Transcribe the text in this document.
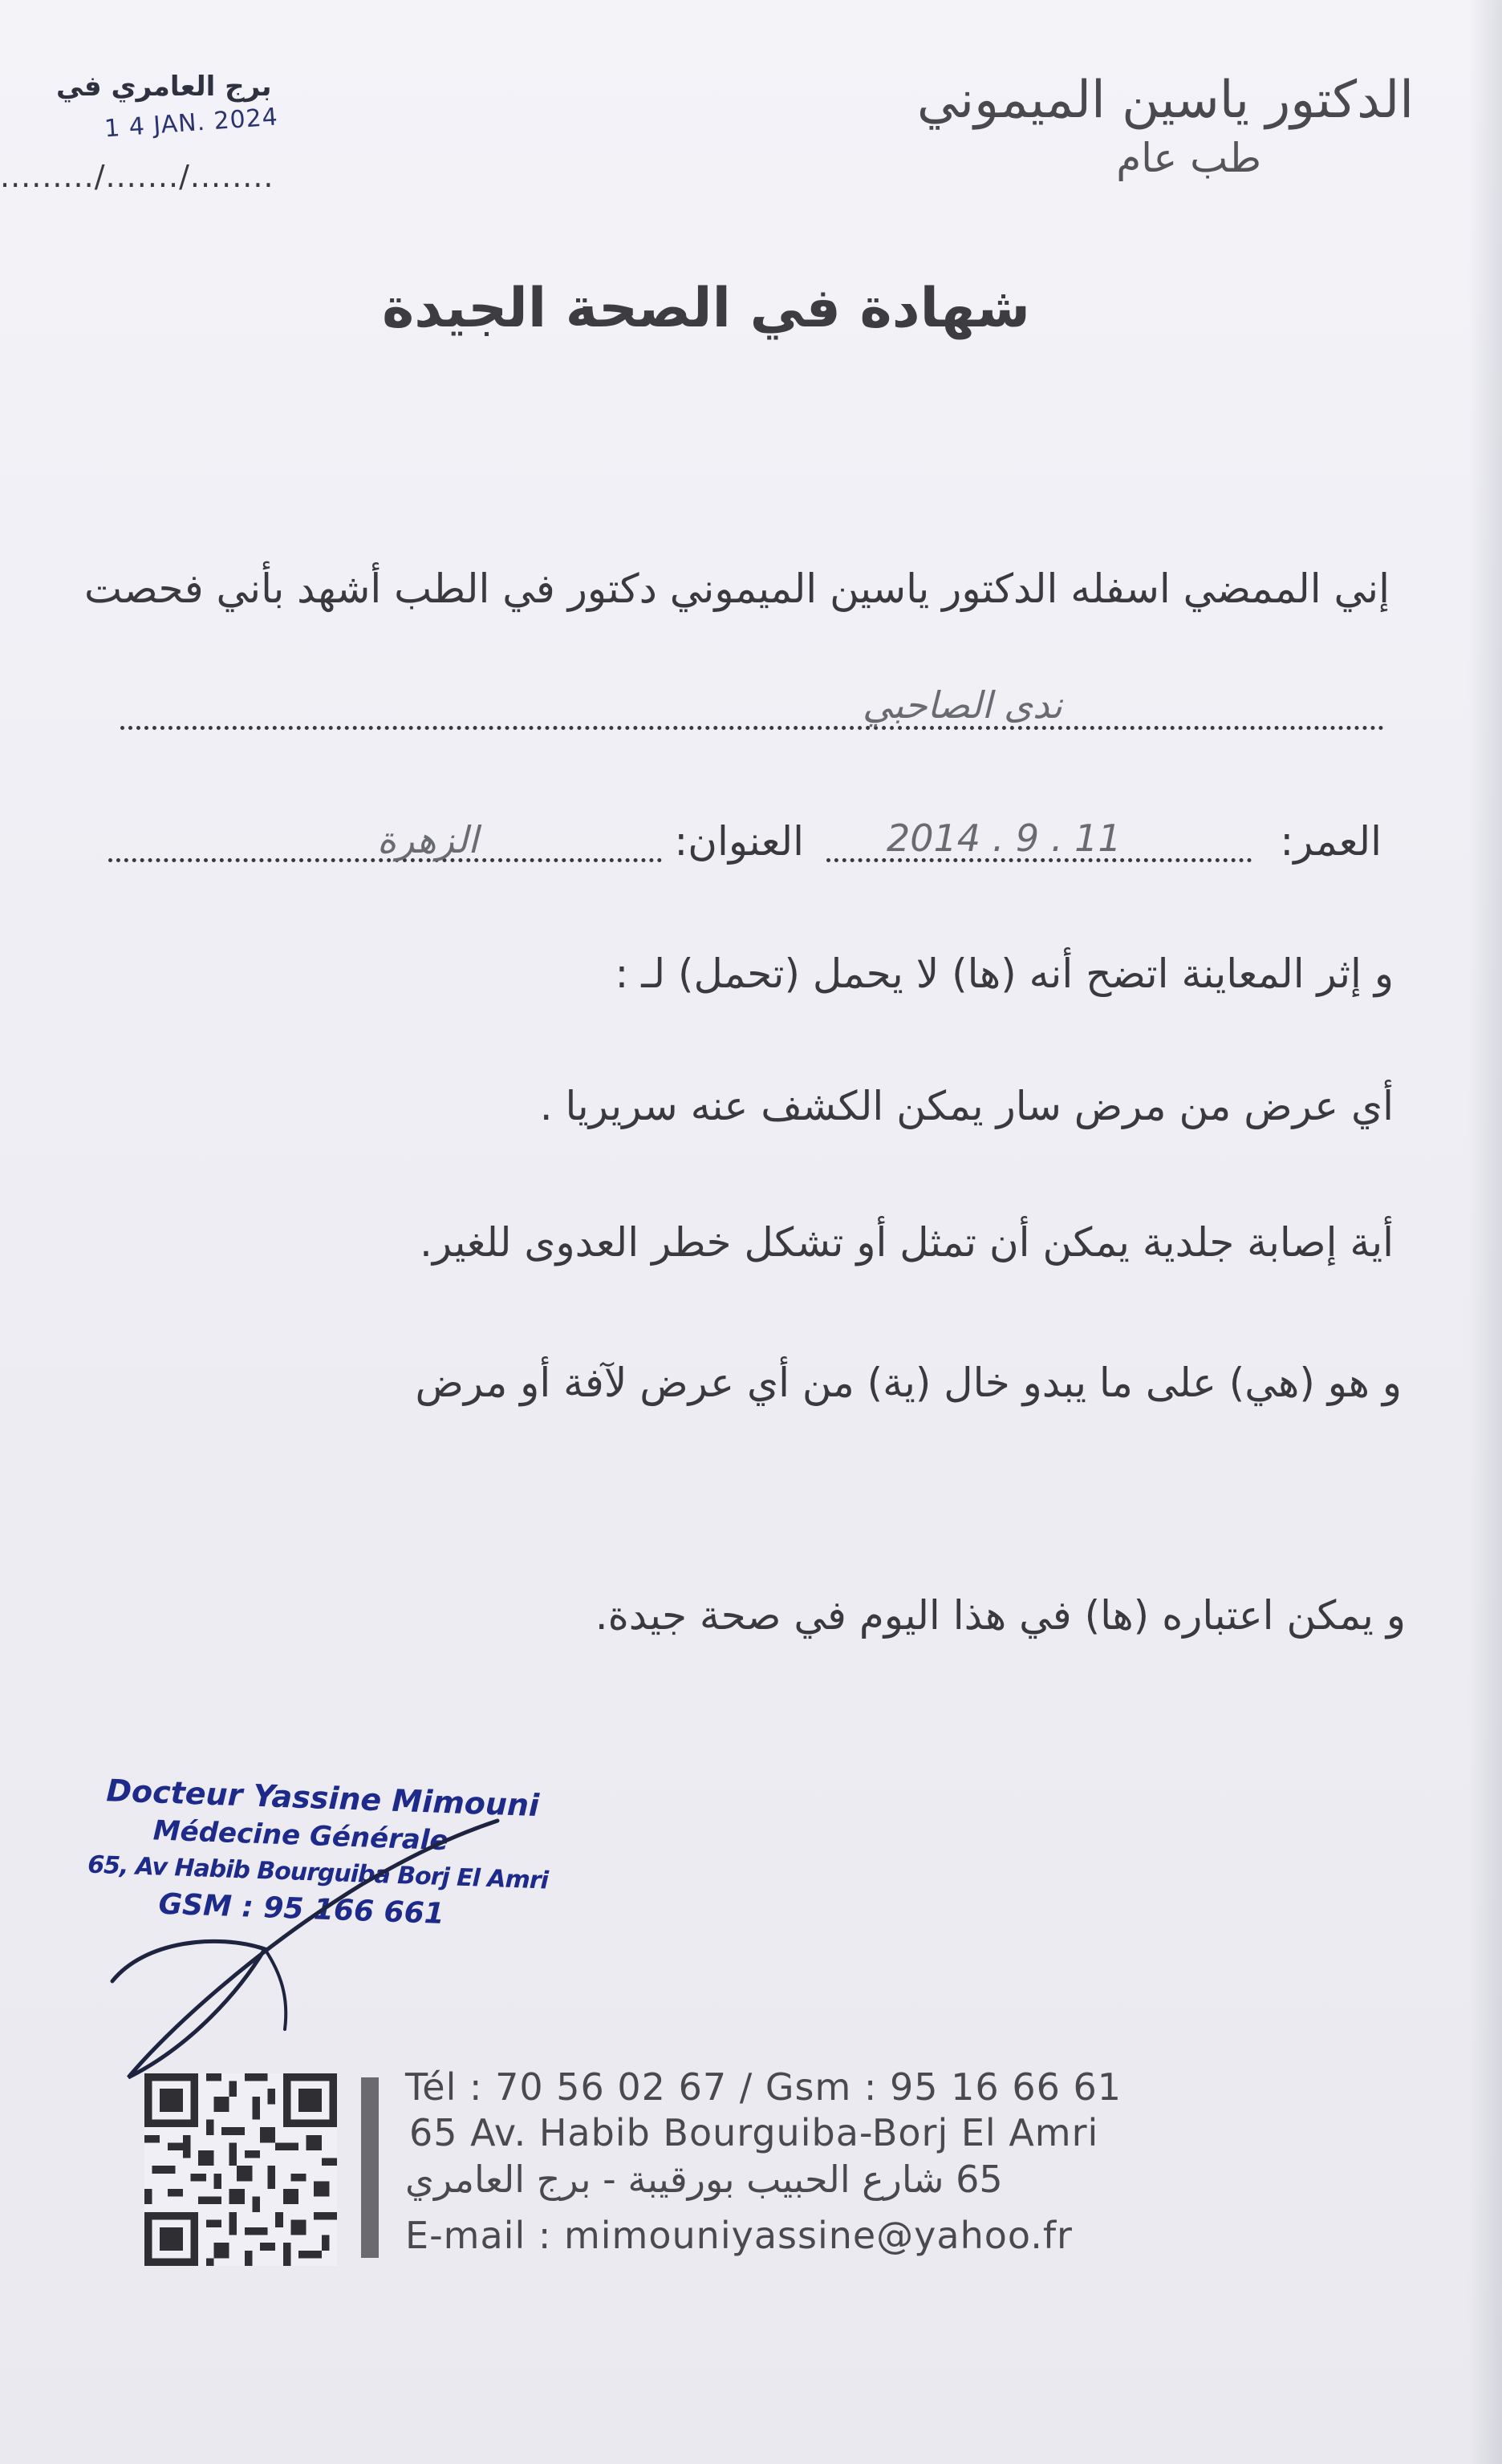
الدكتور ياسين الميموني
طب عام
برج العامري في
1 4 JAN. 2024
........./......./........
شهادة في الصحة الجيدة
إني الممضي اسفله الدكتور ياسين الميموني دكتور في الطب أشهد بأني فحصت
ندى الصاحبي
العمر:
2014 . 9 . 11
العنوان:
الزهرة
و إثر المعاينة اتضح أنه (ها) لا يحمل (تحمل) لـ :
أي عرض من مرض سار يمكن الكشف عنه سريريا .
أية إصابة جلدية يمكن أن تمثل أو تشكل خطر العدوى للغير.
و هو (هي) على ما يبدو خال (ية) من أي عرض لآفة أو مرض
و يمكن اعتباره (ها) في هذا اليوم في صحة جيدة.
Docteur Yassine Mimouni
Médecine Générale
65, Av Habib Bourguiba Borj El Amri
GSM : 95 166 661
Tél : 70 56 02 67 / Gsm : 95 16 66 61
65 Av. Habib Bourguiba-Borj El Amri
65 شارع الحبيب بورقيبة - برج العامري
E-mail : mimouniyassine@yahoo.fr
